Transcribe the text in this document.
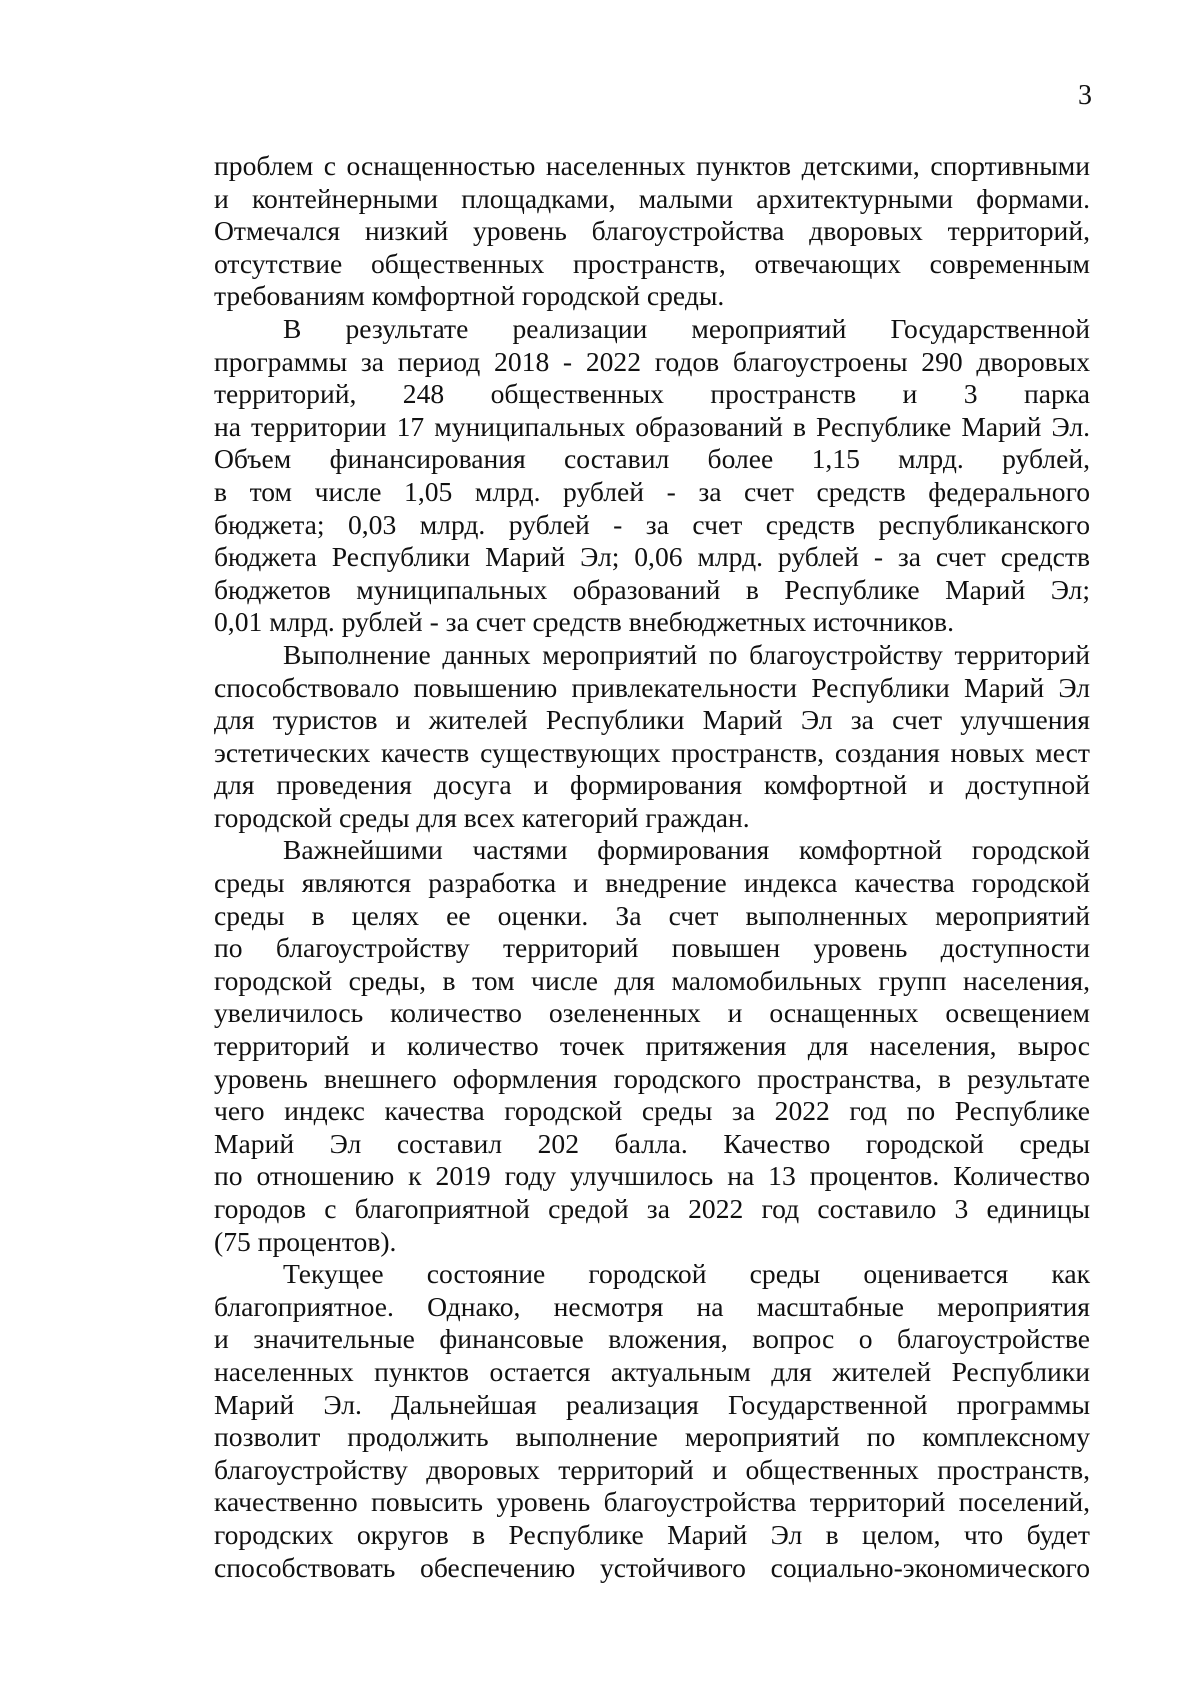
3

проблем с оснащенностью населенных пунктов детскими, спортивными
и контейнерными площадками, малыми архитектурными формами.
Отмечался низкий уровень благоустройства дворовых территорий,
отсутствие общественных пространств, отвечающих современным
требованиям комфортной городской среды.
В результате реализации мероприятий Государственной
программы за период 2018 - 2022 годов благоустроены 290 дворовых
территорий, 248 общественных пространств и 3 парка
на территории 17 муниципальных образований в Республике Марий Эл.
Объем финансирования составил более 1,15 млрд. рублей,
в том числе 1,05 млрд. рублей - за счет средств федерального
бюджета; 0,03 млрд. рублей - за счет средств республиканского
бюджета Республики Марий Эл; 0,06 млрд. рублей - за счет средств
бюджетов муниципальных образований в Республике Марий Эл;
0,01 млрд. рублей - за счет средств внебюджетных источников.
Выполнение данных мероприятий по благоустройству территорий
способствовало повышению привлекательности Республики Марий Эл
для туристов и жителей Республики Марий Эл за счет улучшения
эстетических качеств существующих пространств, создания новых мест
для проведения досуга и формирования комфортной и доступной
городской среды для всех категорий граждан.
Важнейшими частями формирования комфортной городской
среды являются разработка и внедрение индекса качества городской
среды в целях ее оценки. За счет выполненных мероприятий
по благоустройству территорий повышен уровень доступности
городской среды, в том числе для маломобильных групп населения,
увеличилось количество озелененных и оснащенных освещением
территорий и количество точек притяжения для населения, вырос
уровень внешнего оформления городского пространства, в результате
чего индекс качества городской среды за 2022 год по Республике
Марий Эл составил 202 балла. Качество городской среды
по отношению к 2019 году улучшилось на 13 процентов. Количество
городов с благоприятной средой за 2022 год составило 3 единицы
(75 процентов).
Текущее состояние городской среды оценивается как
благоприятное. Однако, несмотря на масштабные мероприятия
и значительные финансовые вложения, вопрос о благоустройстве
населенных пунктов остается актуальным для жителей Республики
Марий Эл. Дальнейшая реализация Государственной программы
позволит продолжить выполнение мероприятий по комплексному
благоустройству дворовых территорий и общественных пространств,
качественно повысить уровень благоустройства территорий поселений,
городских округов в Республике Марий Эл в целом, что будет
способствовать обеспечению устойчивого социально-экономического
